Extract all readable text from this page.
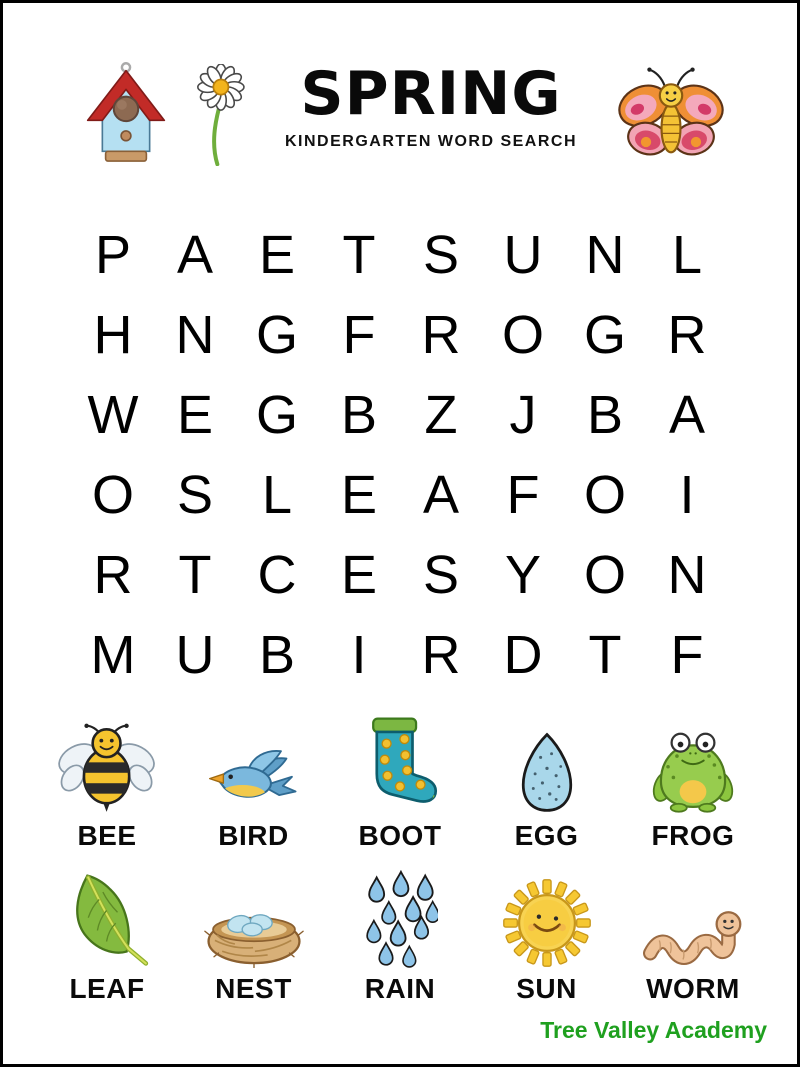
SPRING
KINDERGARTEN WORD SEARCH
P A E T S U N L
H N G F R O G R
W E G B Z J B A
O S L E A F O I
R T C E S Y O N
M U B	I	R D T F
BEE	BIRD	BOOT	EGG	FROG
LEAF	NEST	RAIN	SUN	WORM
Tree Valley Academy
